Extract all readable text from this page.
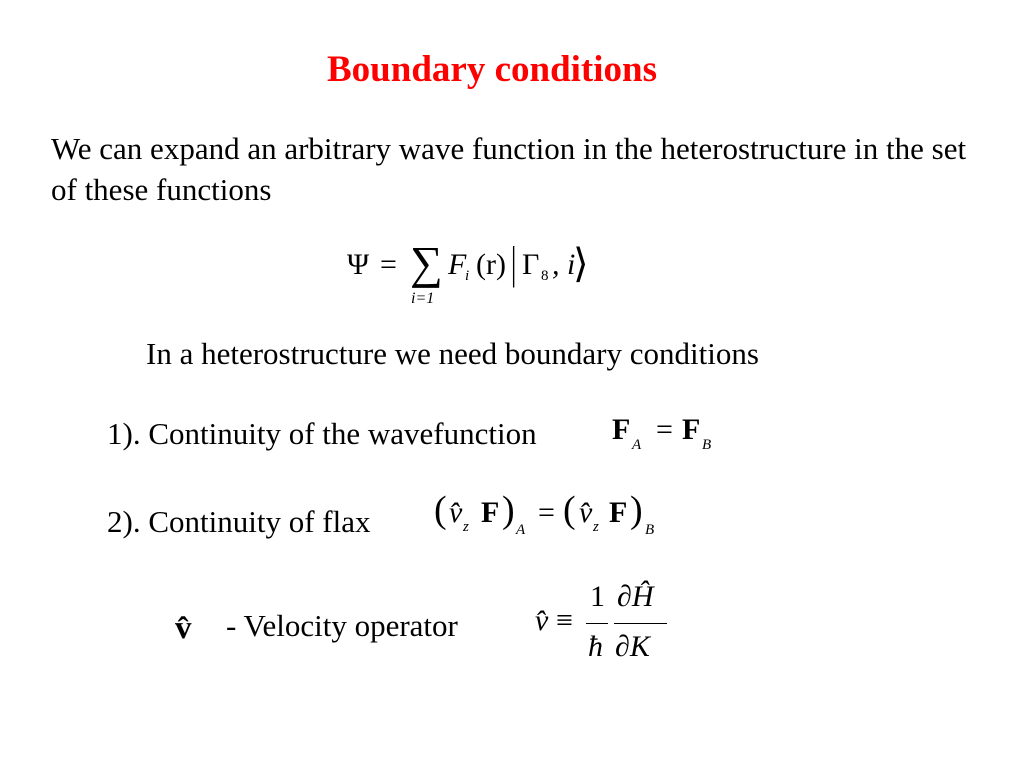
Boundary conditions
We can expand an arbitrary wave function in the heterostructure in the set of these functions
Ψ = ∑
i=1
F
i (r) | Γ 8 , i
⟩
In a heterostructure we need boundary conditions
1). Continuity of the wavefunction	F A = F B
2). Continuity of flax ( v̂ z F ) A
= ( v̂ z F ) B
v̂ - Velocity operator	v̂ ≡
1
ħ
∂Ĥ
∂K
